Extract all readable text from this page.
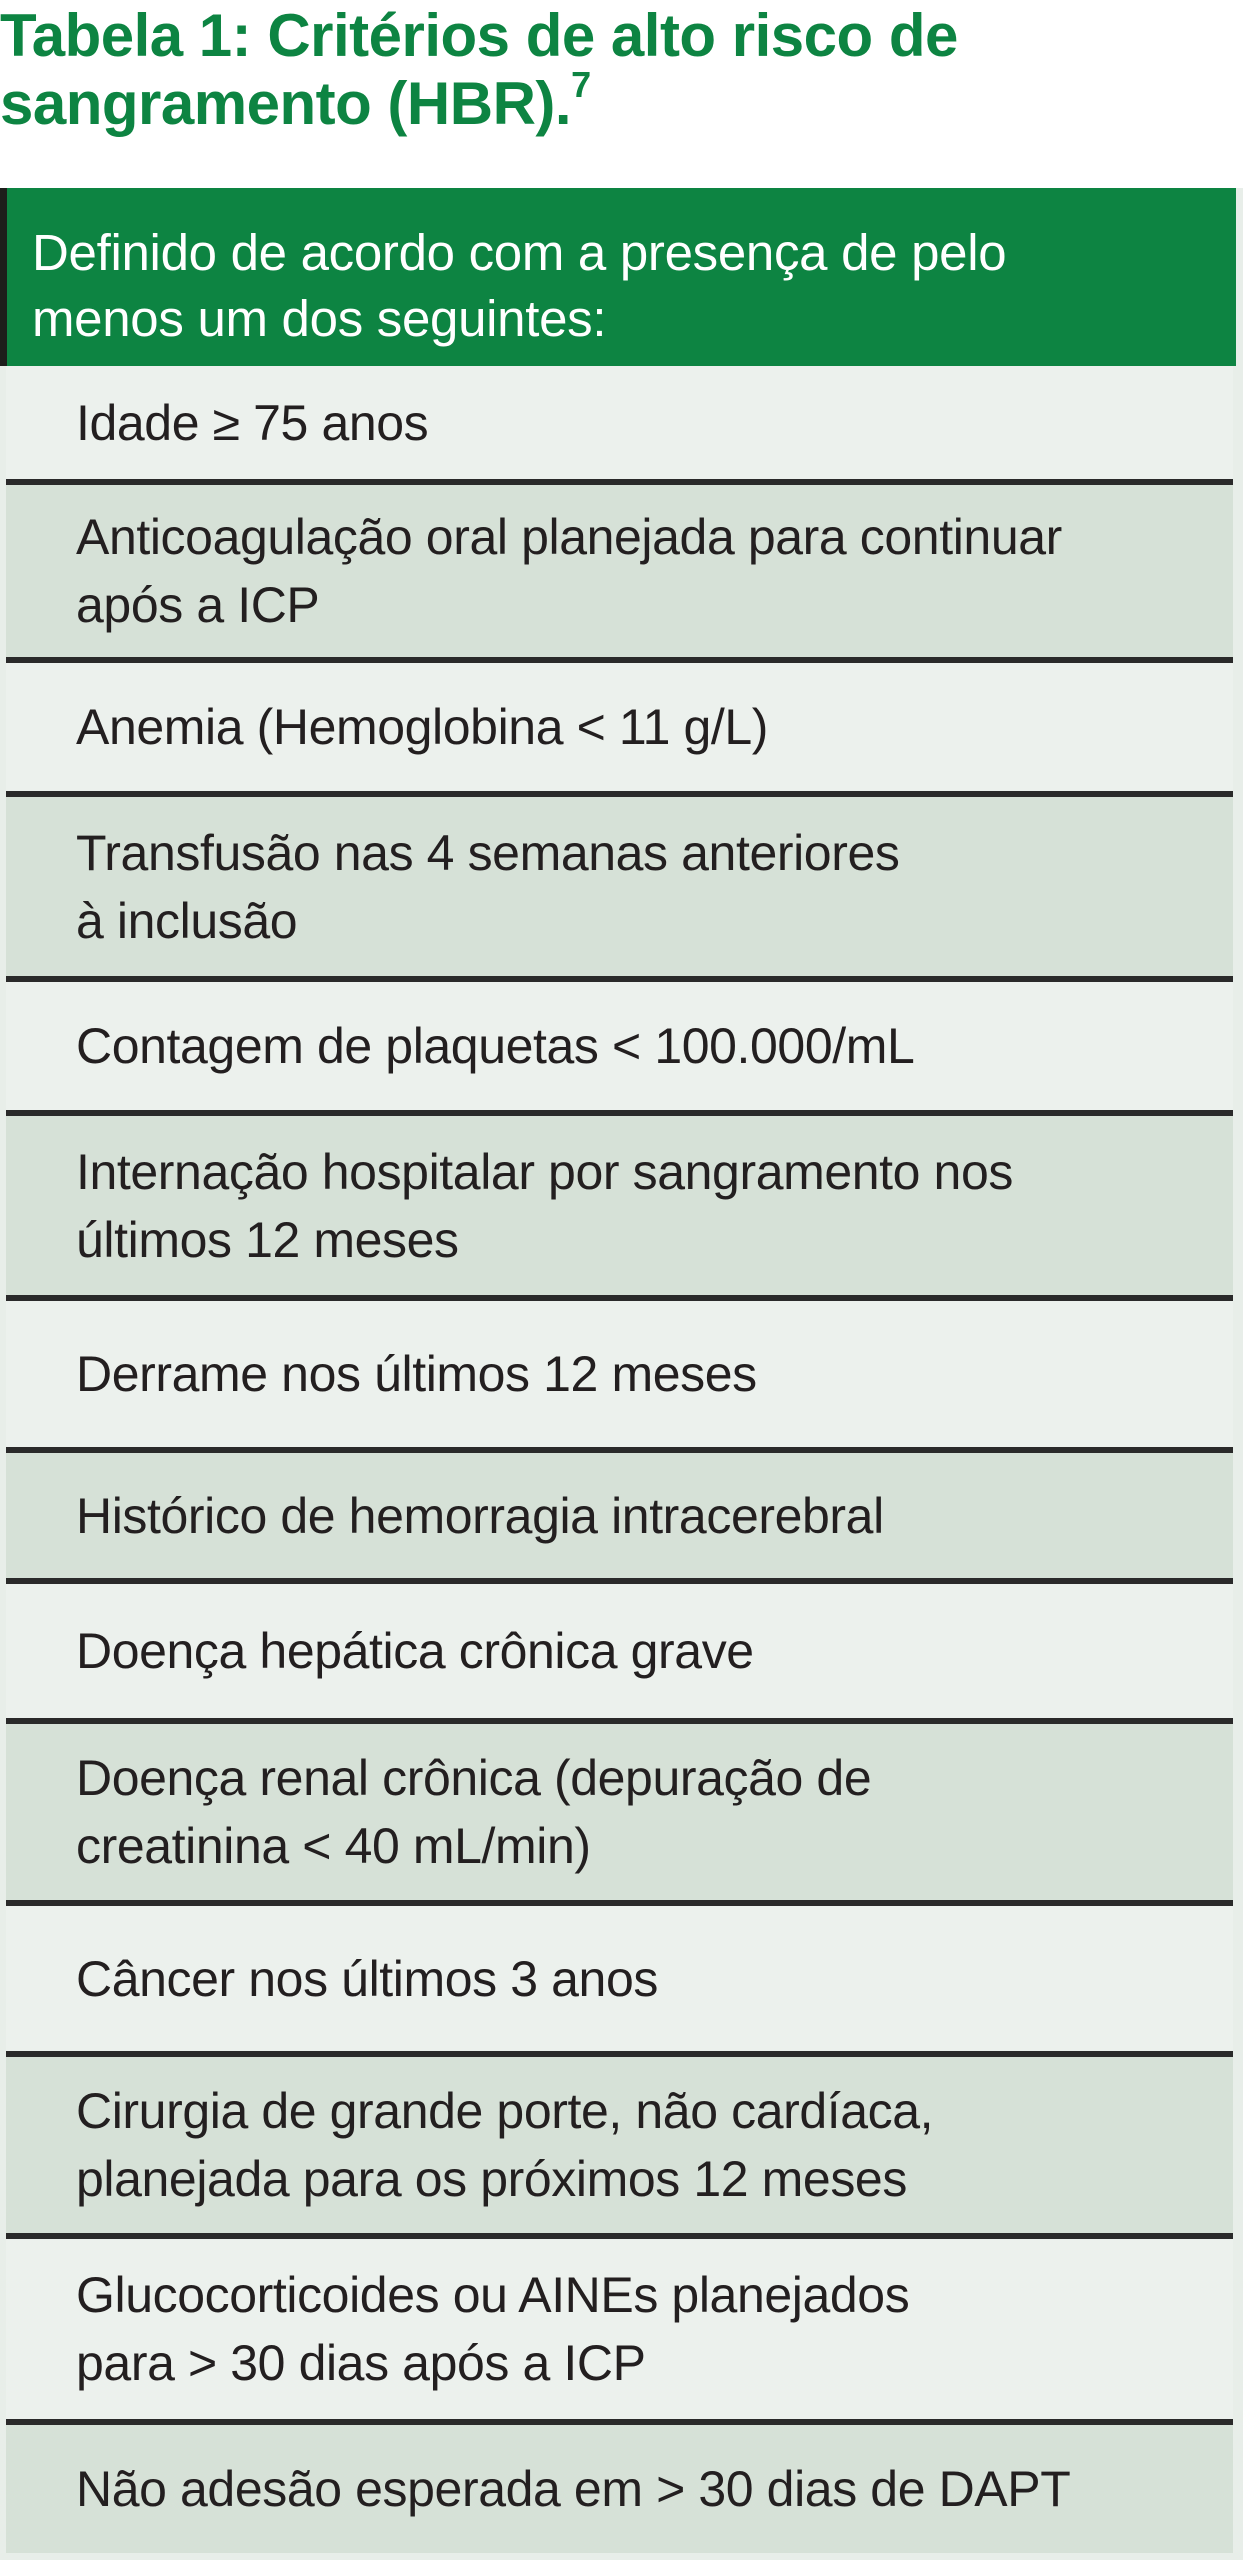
Tabela 1: Critérios de alto risco de
sangramento (HBR).$^7$
Definido de acordo com a presença de pelo
menos um dos seguintes:
Idade ≥ 75 anos
Anticoagulação oral planejada para continuar
após a ICP
Anemia (Hemoglobina < 11 g/L)
Transfusão nas 4 semanas anteriores
à inclusão
Contagem de plaquetas < 100.000/mL
Internação hospitalar por sangramento nos
últimos 12 meses
Derrame nos últimos 12 meses
Histórico de hemorragia intracerebral
Doença hepática crônica grave
Doença renal crônica (depuração de
creatinina < 40 mL/min)
Câncer nos últimos 3 anos
Cirurgia de grande porte, não cardíaca,
planejada para os próximos 12 meses
Glucocorticoides ou AINEs planejados
para > 30 dias após a ICP
Não adesão esperada em > 30 dias de DAPT
